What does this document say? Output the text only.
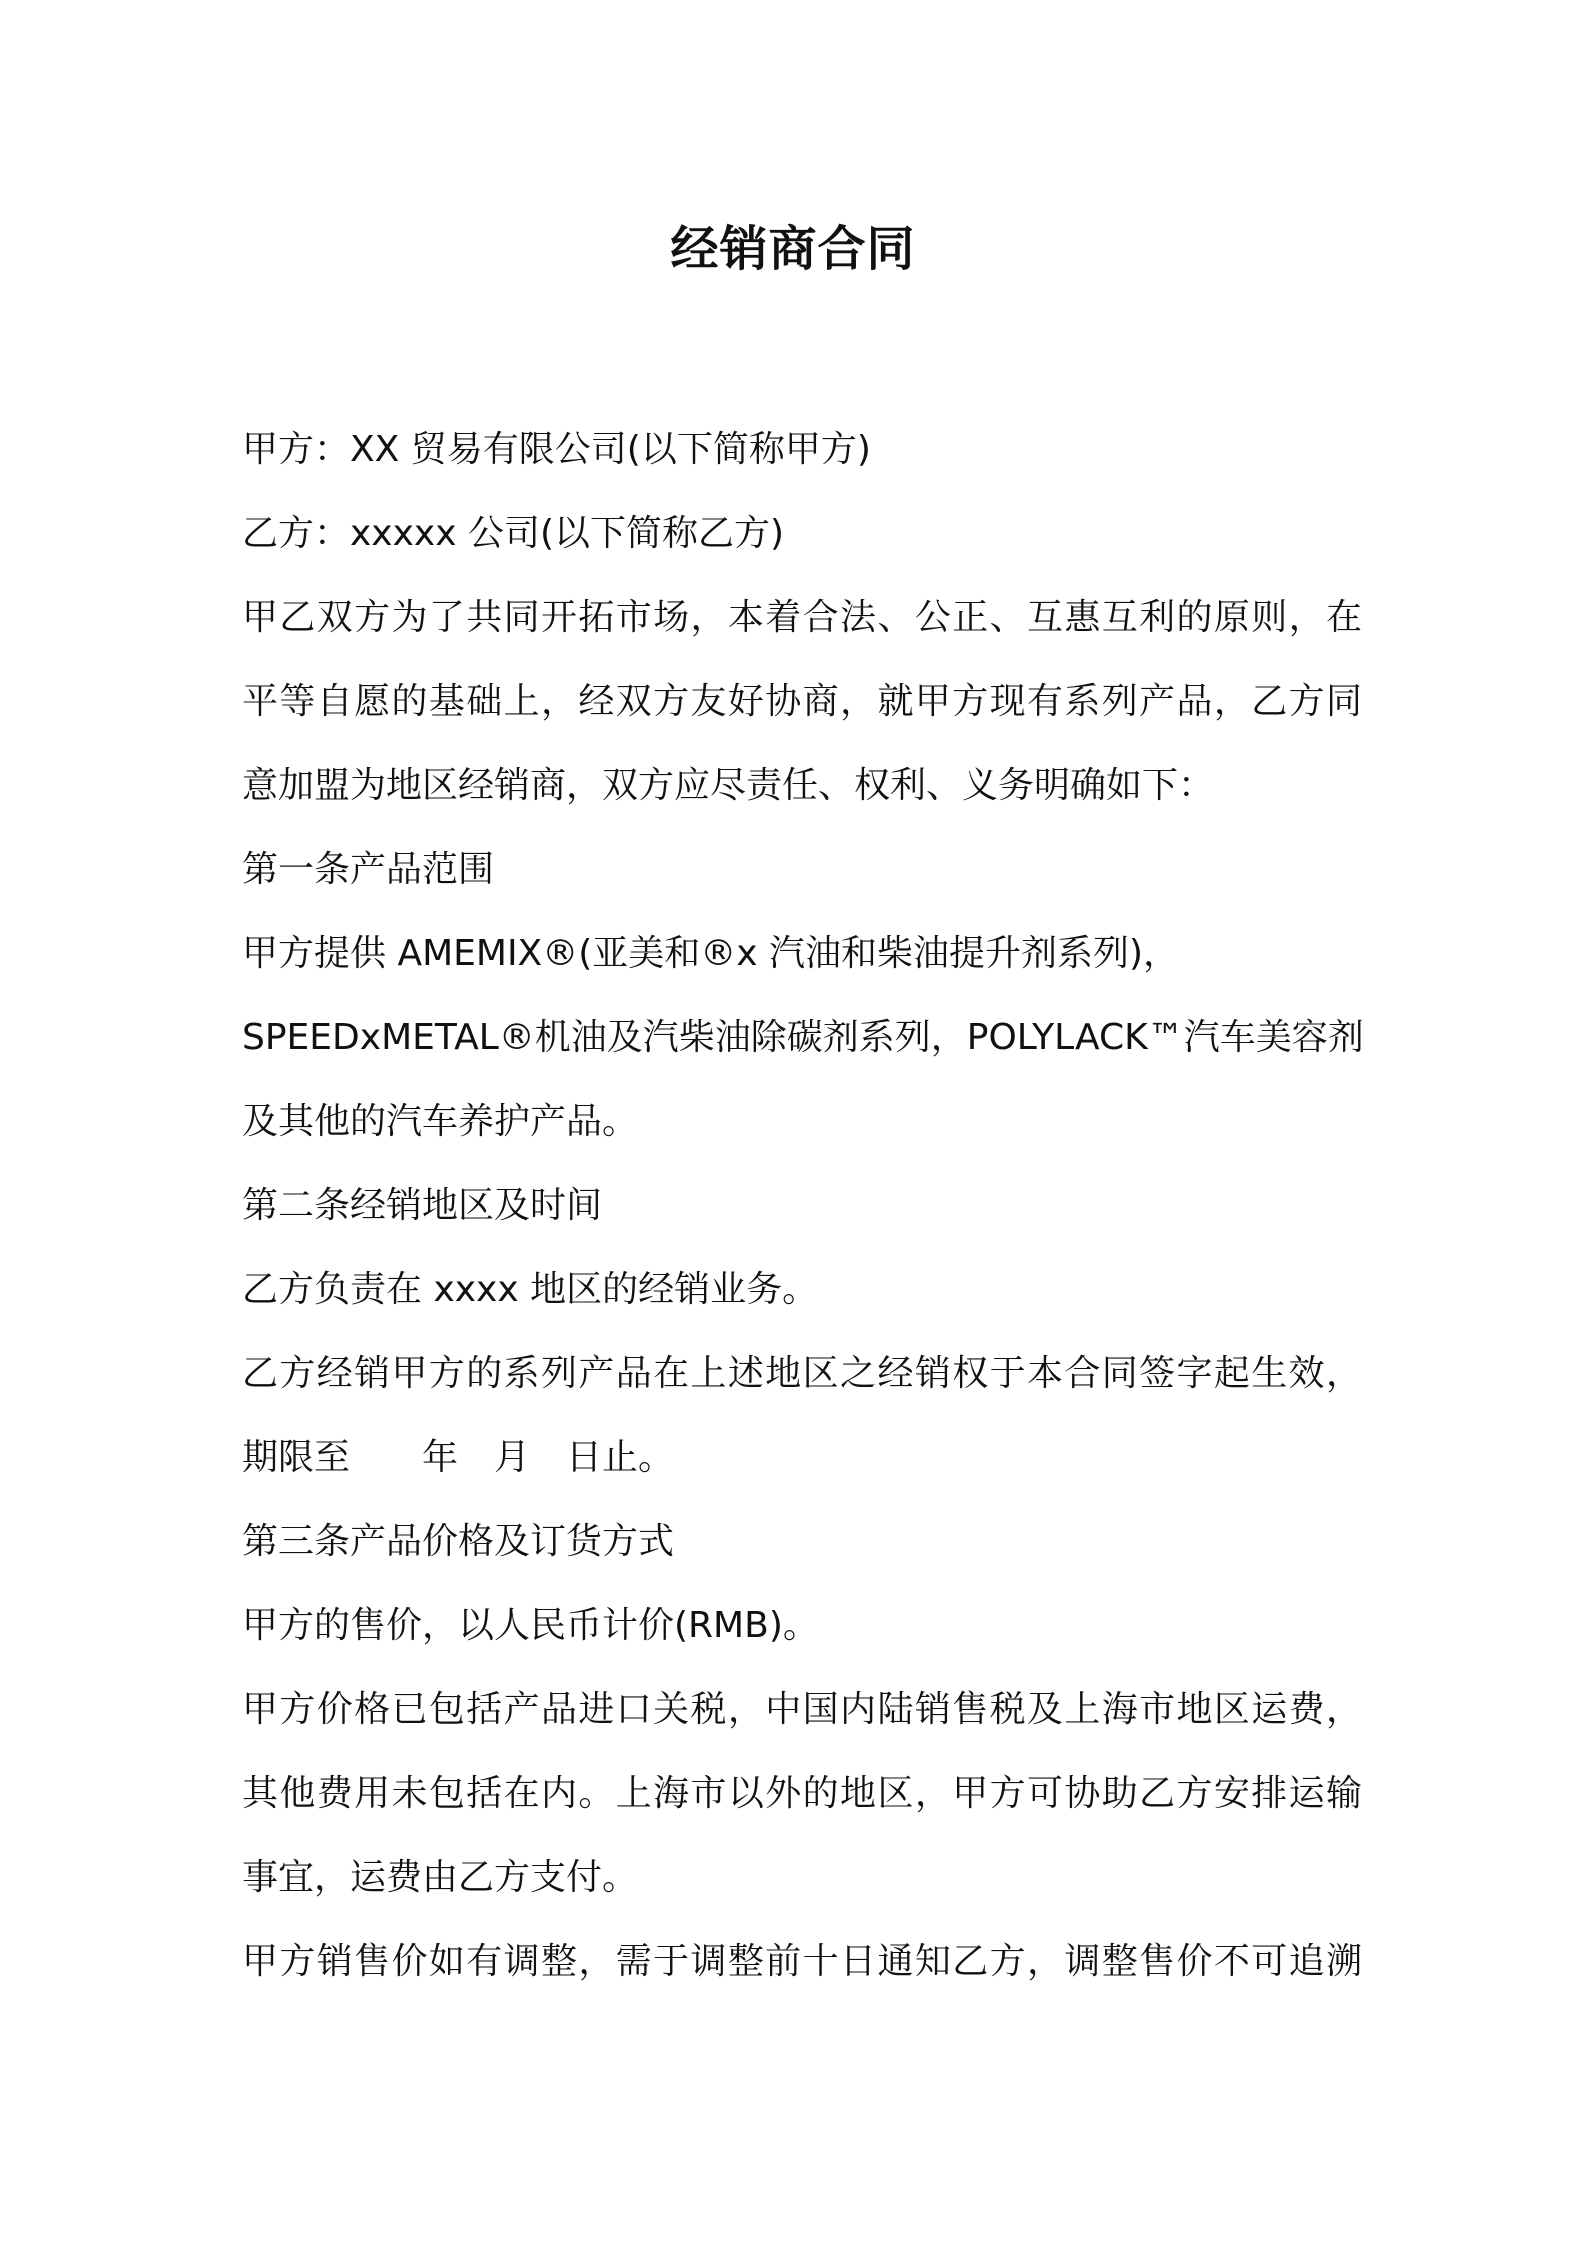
经销商合同
甲方：XX 贸易有限公司(以下简称甲方)
乙方：xxxxx 公司(以下简称乙方)
甲乙双方为了共同开拓市场，本着合法、公正、互惠互利的原则，在
平等自愿的基础上，经双方友好协商，就甲方现有系列产品，乙方同
意加盟为地区经销商，双方应尽责任、权利、义务明确如下：
第一条产品范围
甲方提供 AMEMIX®(亚美和®x 汽油和柴油提升剂系列)，
SPEEDxMETAL®机油及汽柴油除碳剂系列，POLYLACK™汽车美容剂
及其他的汽车养护产品。
第二条经销地区及时间
乙方负责在 xxxx 地区的经销业务。
乙方经销甲方的系列产品在上述地区之经销权于本合同签字起生效，
期限至　　年　月　日止。
第三条产品价格及订货方式
甲方的售价，以人民币计价(RMB)。
甲方价格已包括产品进口关税，中国内陆销售税及上海市地区运费，
其他费用未包括在内。上海市以外的地区，甲方可协助乙方安排运输
事宜，运费由乙方支付。
甲方销售价如有调整，需于调整前十日通知乙方，调整售价不可追溯
